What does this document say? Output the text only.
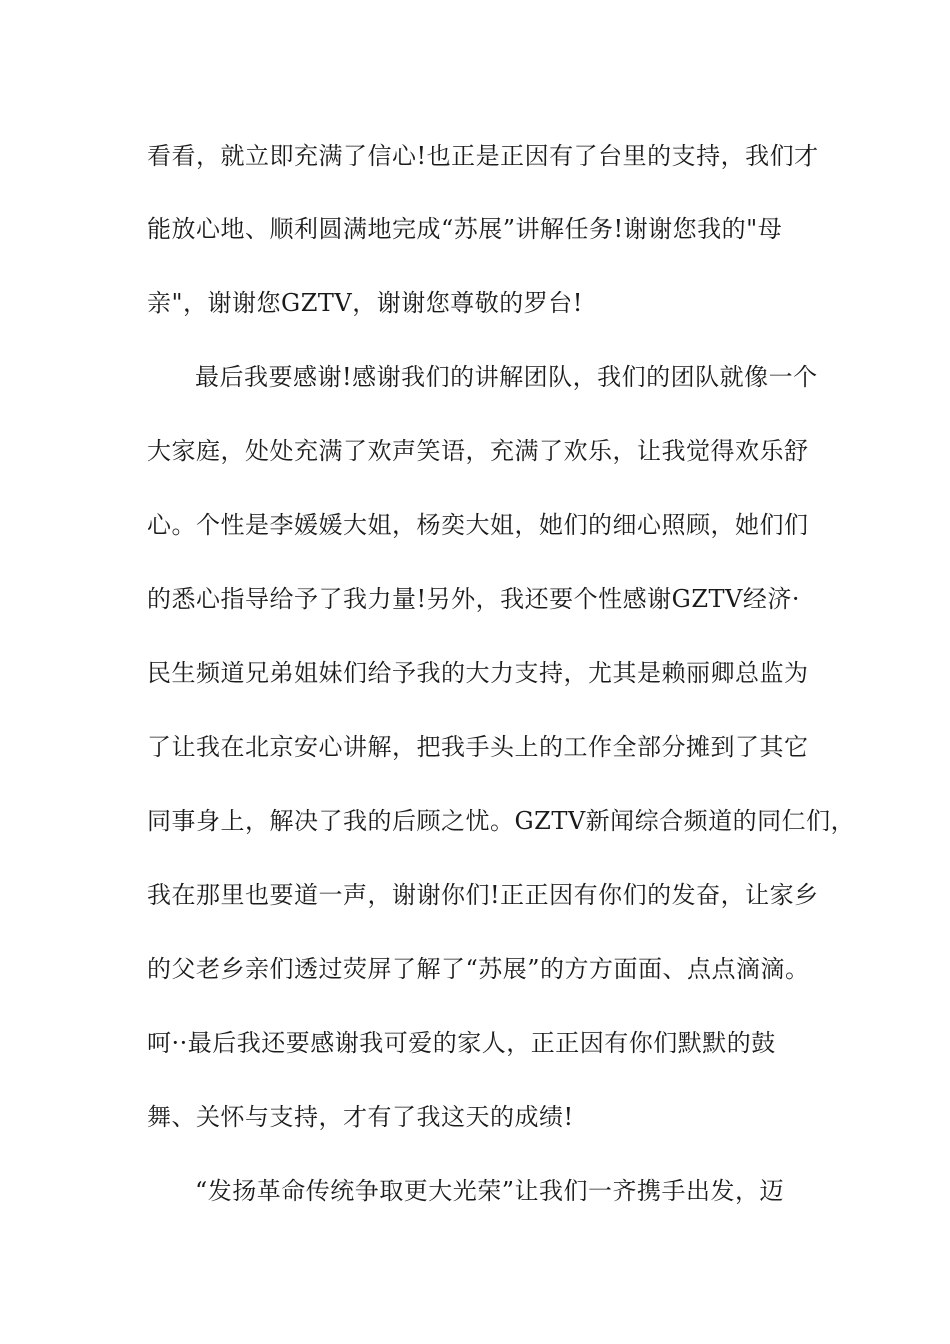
看看，就立即充满了信心!也正是正因有了台里的支持，我们才
能放心地、顺利圆满地完成“苏展”讲解任务!谢谢您我的"母
亲"，谢谢您GZTV，谢谢您尊敬的罗台!
最后我要感谢!感谢我们的讲解团队，我们的团队就像一个
大家庭，处处充满了欢声笑语，充满了欢乐，让我觉得欢乐舒
心。个性是李媛媛大姐，杨奕大姐，她们的细心照顾，她们们
的悉心指导给予了我力量!另外，我还要个性感谢GZTV经济·
民生频道兄弟姐妹们给予我的大力支持，尤其是赖丽卿总监为
了让我在北京安心讲解，把我手头上的工作全部分摊到了其它
同事身上，解决了我的后顾之忧。GZTV新闻综合频道的同仁们，
我在那里也要道一声，谢谢你们!正正因有你们的发奋，让家乡
的父老乡亲们透过荧屏了解了“苏展”的方方面面、点点滴滴。
呵··最后我还要感谢我可爱的家人，正正因有你们默默的鼓
舞、关怀与支持，才有了我这天的成绩!
“发扬革命传统争取更大光荣”让我们一齐携手出发，迈
